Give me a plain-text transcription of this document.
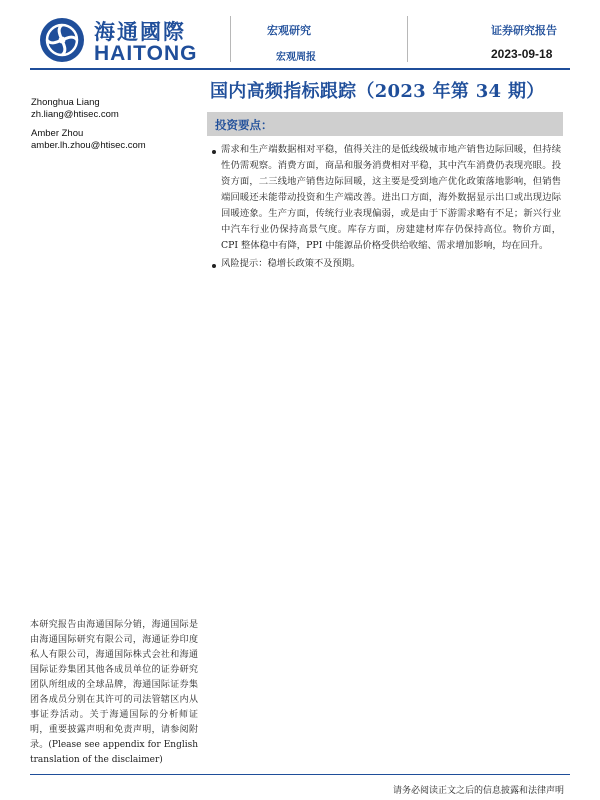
海通國際
HAITONG
宏观研究
宏观周报
证券研究报告
2023-09-18
国内高频指标跟踪（2023 年第 34 期）
Zhonghua Liang
zh.liang@htisec.com
Amber Zhou
amber.lh.zhou@htisec.com
投资要点：
需求和生产端数据相对平稳，值得关注的是低线级城市地产销售边际回暖，但持续性仍需观察。消费方面，商品和服务消费相对平稳，其中汽车消费仍表现亮眼。投资方面，二三线地产销售边际回暖，这主要是受到地产优化政策落地影响，但销售端回暖还未能带动投资和生产端改善。进出口方面，海外数据显示出口或出现边际回暖迹象。生产方面，传统行业表现偏弱，或是由于下游需求略有不足；新兴行业中汽车行业仍保持高景气度。库存方面，房建建材库存仍保持高位。物价方面，CPI 整体稳中有降，PPI 中能源品价格受供给收缩、需求增加影响，均在回升。
风险提示：稳增长政策不及预期。
本研究报告由海通国际分销，海通国际是由海通国际研究有限公司，海通证券印度私人有限公司，海通国际株式会社和海通国际证券集团其他各成员单位的证券研究团队所组成的全球品牌，海通国际证券集团各成员分别在其许可的司法管辖区内从事证券活动。关于海通国际的分析师证明，重要披露声明和免责声明，请参阅附录。(Please see appendix for English translation of the disclaimer)
请务必阅读正文之后的信息披露和法律声明
